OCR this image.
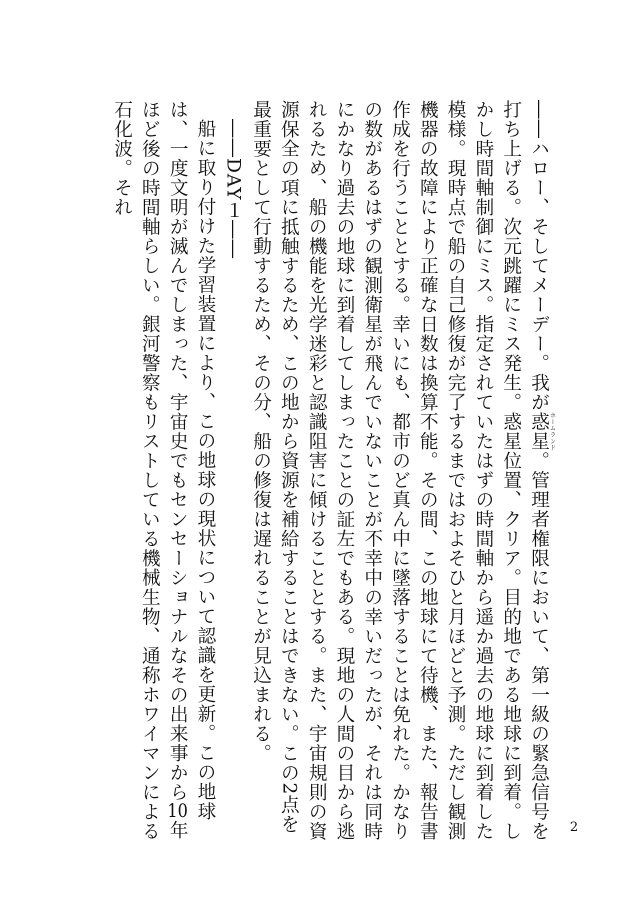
――ハロー、そしてメーデー。我が惑星 ホームランド。管理者権限において、第一級の緊急信号を打ち上げる。次元跳躍にミス発生。惑星位置、クリア。目的地である地球に到着。しかし時間軸制御にミス。指定されていたはずの時間軸から遥か過去の地球に到着した模様。現時点で船の自己修復が完了するまではおよそひと月ほどと予測。ただし観測機器の故障により正確な日数は換算不能。その間、この地球にて待機、また、報告書作成を行うこととする。幸いにも、都市のど真ん中に墜落することは免れた。かなりの数があるはずの観測衛星が飛んでいないことが不幸中の幸いだったが、それは同時にかなり過去の地球に到着してしまったことの証左でもある。現地の人間の目から逃れるため、船の機能を光学迷彩と認識阻害に傾けることとする。また、宇宙規則の資源保全の項に抵触するため、この地から資源を補給することはできない。この2点を最重要として行動するため、その分、船の修復は遅れることが見込まれる。

――DAY１――

船に取り付けた学習装置により、この地球の現状について認識を更新。この地球は、一度文明が滅んでしまった、宇宙史でもセンセーショナルなその出来事から10年ほど後の時間軸らしい。銀河警察もリストしている機械生物、通称ホワイマンによる石化波。それ

2
